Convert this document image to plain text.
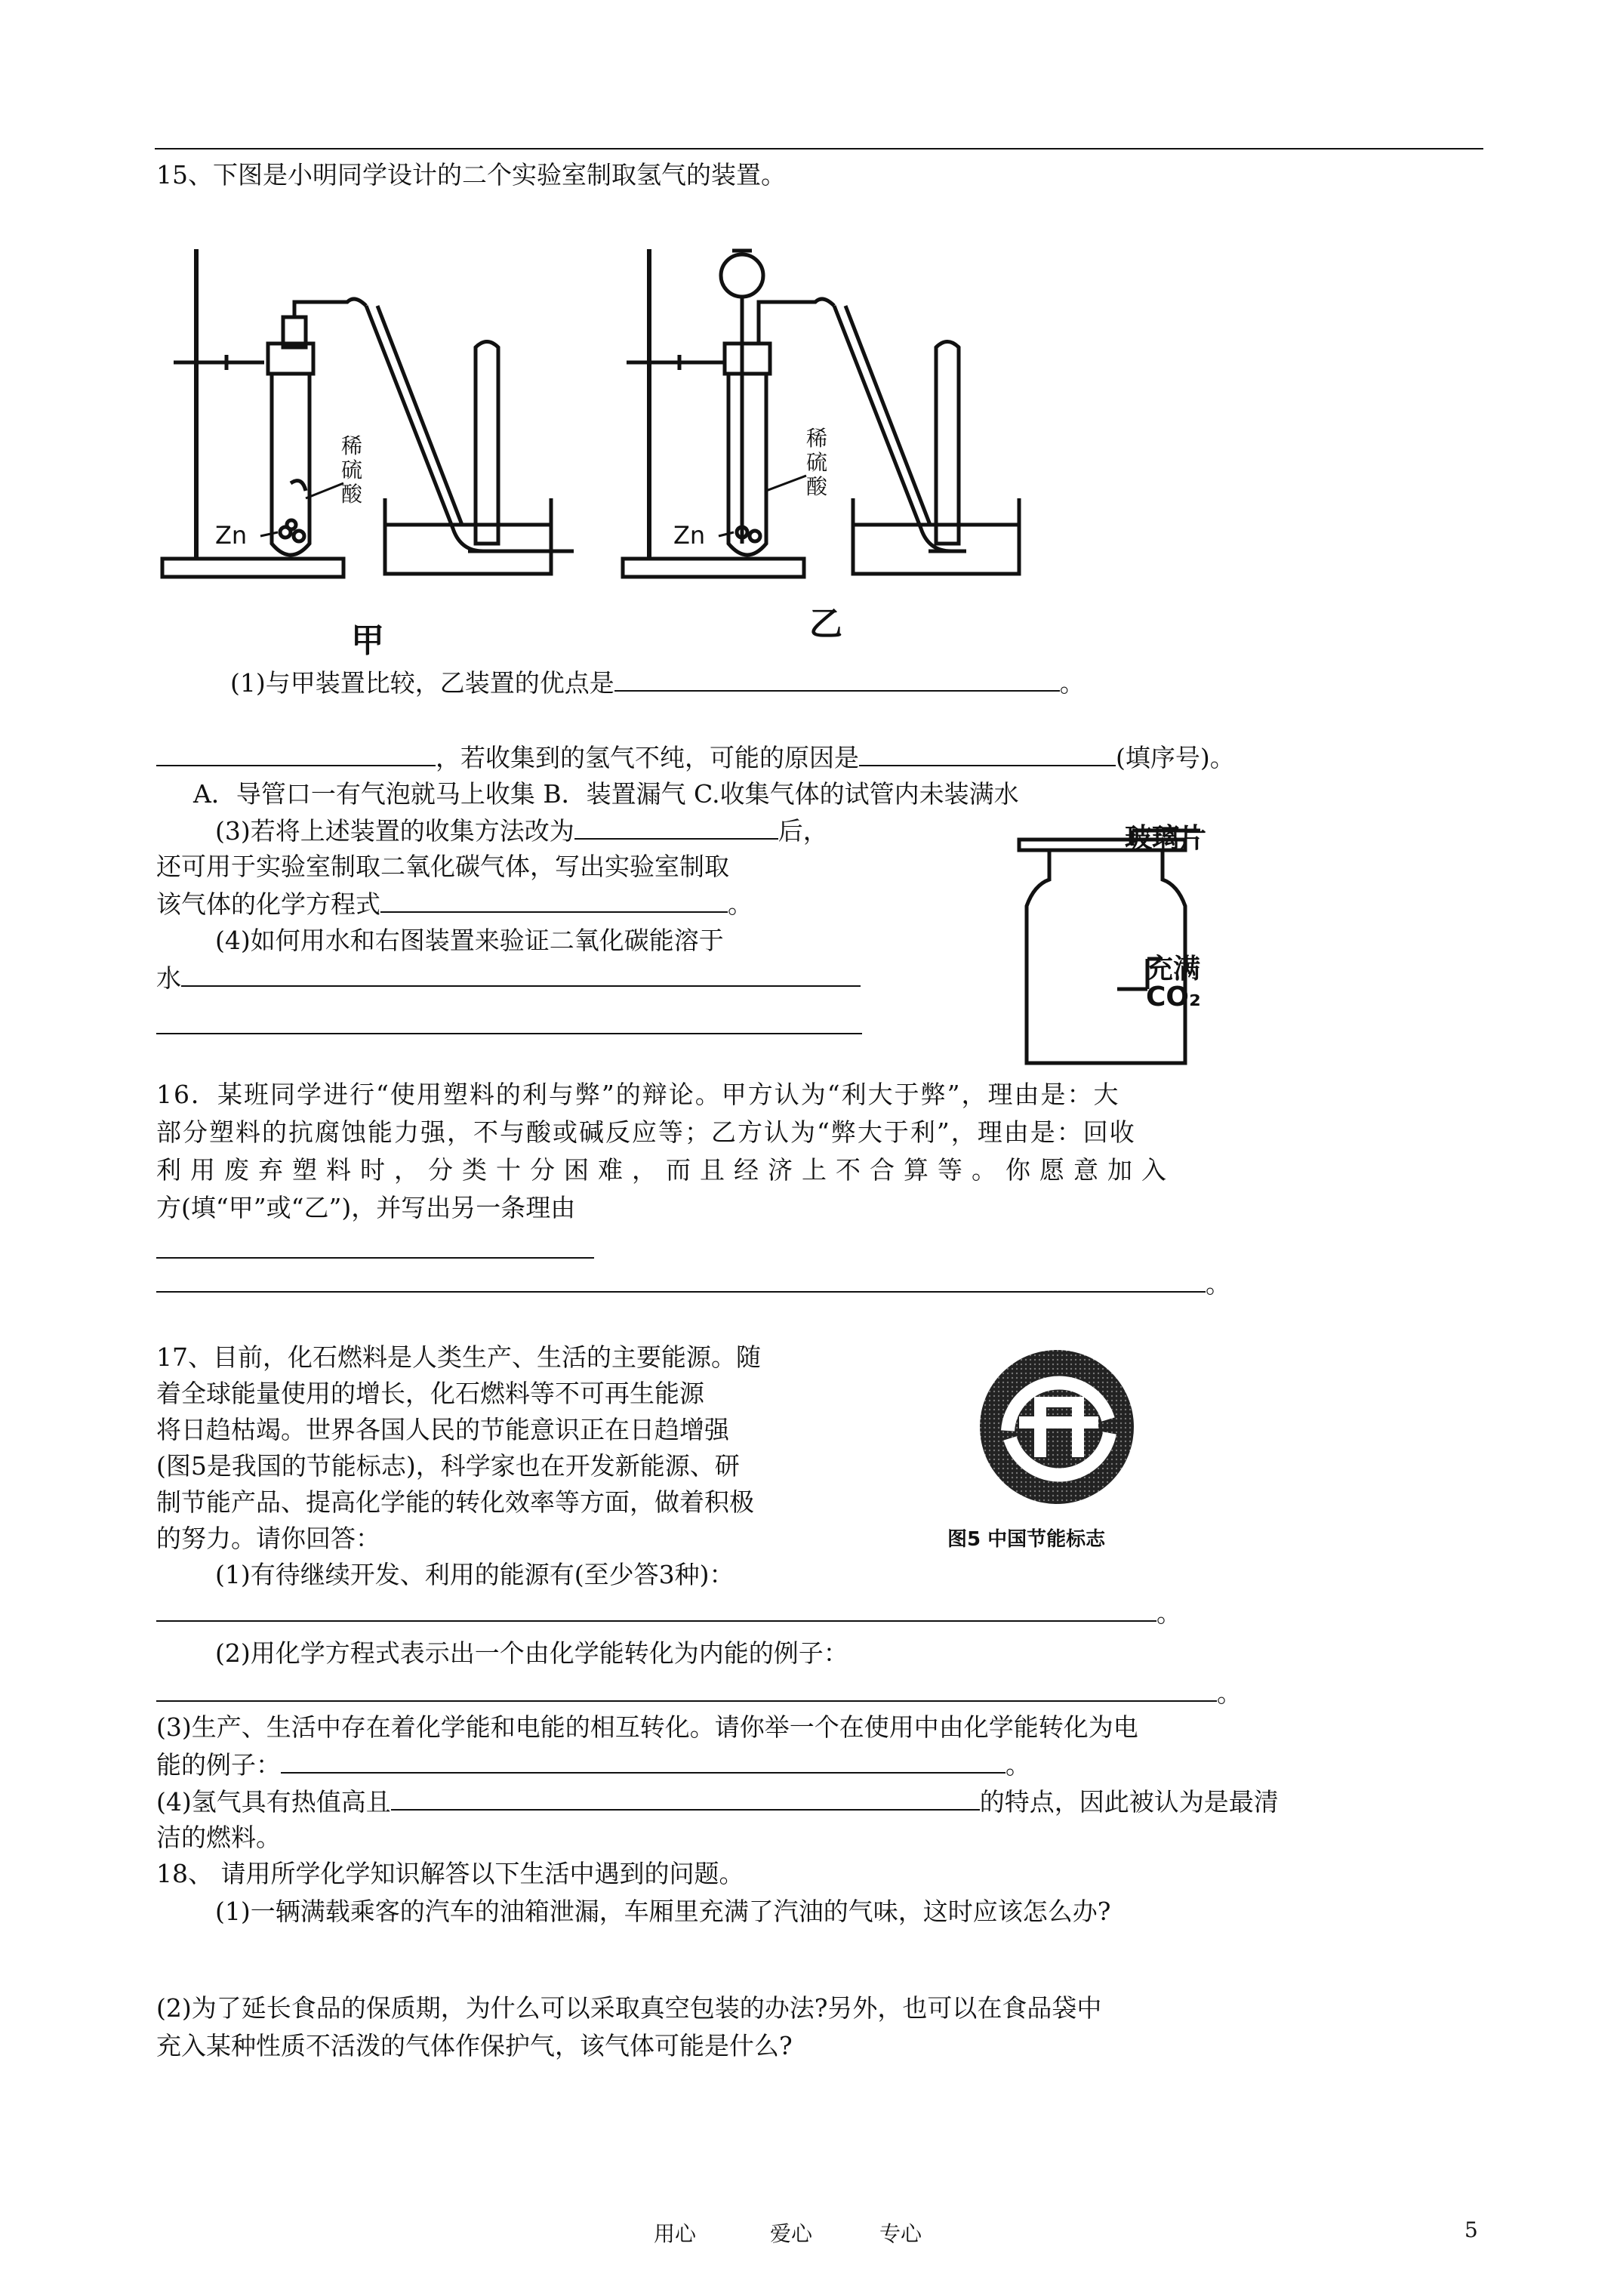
15、下图是小明同学设计的二个实验室制取氢气的装置。
Zn
稀
硫
酸
甲
Zn
稀
硫
酸
乙
(1)与甲装置比较，乙装置的优点是	。
，若收集到的氢气不纯，可能的原因是	(填序号)。
A．导管口一有气泡就马上收集 B．装置漏气 C.收集气体的试管内未装满水
(3)若将上述装置的收集方法改为	后，
还可用于实验室制取二氧化碳气体，写出实验室制取
该气体的化学方程式	。
(4)如何用水和右图装置来验证二氧化碳能溶于
水
玻璃片
充满
CO₂
16．某班同学进行“使用塑料的利与弊”的辩论。甲方认为“利大于弊”，理由是：大
部分塑料的抗腐蚀能力强，不与酸或碱反应等；乙方认为“弊大于利”，理由是：回收
利用废弃塑料时，分类十分困难，而且经济上不合算等。你愿意加入
方(填“甲”或“乙”)，并写出另一条理由
。
17、目前，化石燃料是人类生产、生活的主要能源。随
着全球能量使用的增长，化石燃料等不可再生能源
将日趋枯竭。世界各国人民的节能意识正在日趋增强
(图5是我国的节能标志)，科学家也在开发新能源、研
制节能产品、提高化学能的转化效率等方面，做着积极
的努力。请你回答：	图5 中国节能标志
(1)有待继续开发、利用的能源有(至少答3种)：
。
(2)用化学方程式表示出一个由化学能转化为内能的例子：
。
(3)生产、生活中存在着化学能和电能的相互转化。请你举一个在使用中由化学能转化为电
能的例子：	。
(4)氢气具有热值高且	的特点，因此被认为是最清
洁的燃料。
18、 请用所学化学知识解答以下生活中遇到的问题。
(1)一辆满载乘客的汽车的油箱泄漏，车厢里充满了汽油的气味，这时应该怎么办?
(2)为了延长食品的保质期，为什么可以采取真空包装的办法?另外，也可以在食品袋中
充入某种性质不活泼的气体作保护气，该气体可能是什么?
用心	爱心	专心	5
